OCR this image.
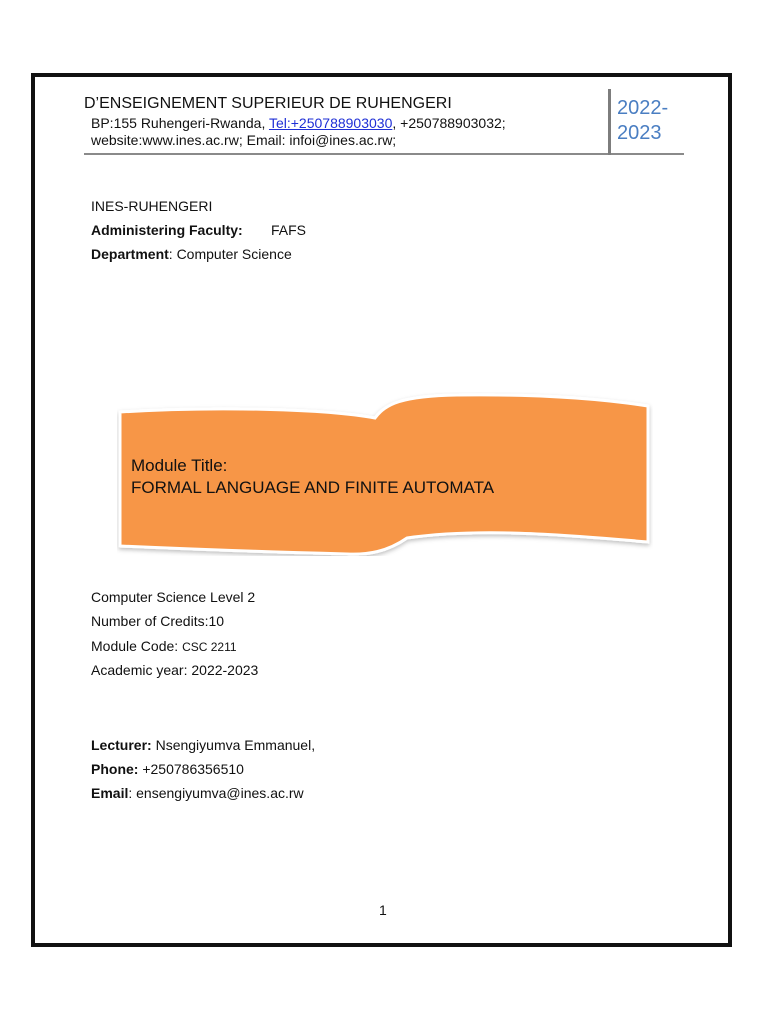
D’ENSEIGNEMENT SUPERIEUR DE RUHENGERI
BP:155 Ruhengeri-Rwanda, Tel:+250788903030, +250788903032;
website:www.ines.ac.rw; Email: infoi@ines.ac.rw;
2022-
2023
INES-RUHENGERI
Administering Faculty: FAFS
Department: Computer Science
Module Title:
FORMAL LANGUAGE AND FINITE AUTOMATA
Computer Science Level 2
Number of Credits:10
Module Code: CSC 2211
Academic year: 2022-2023
Lecturer: Nsengiyumva Emmanuel,
Phone: +250786356510
Email: ensengiyumva@ines.ac.rw
1
